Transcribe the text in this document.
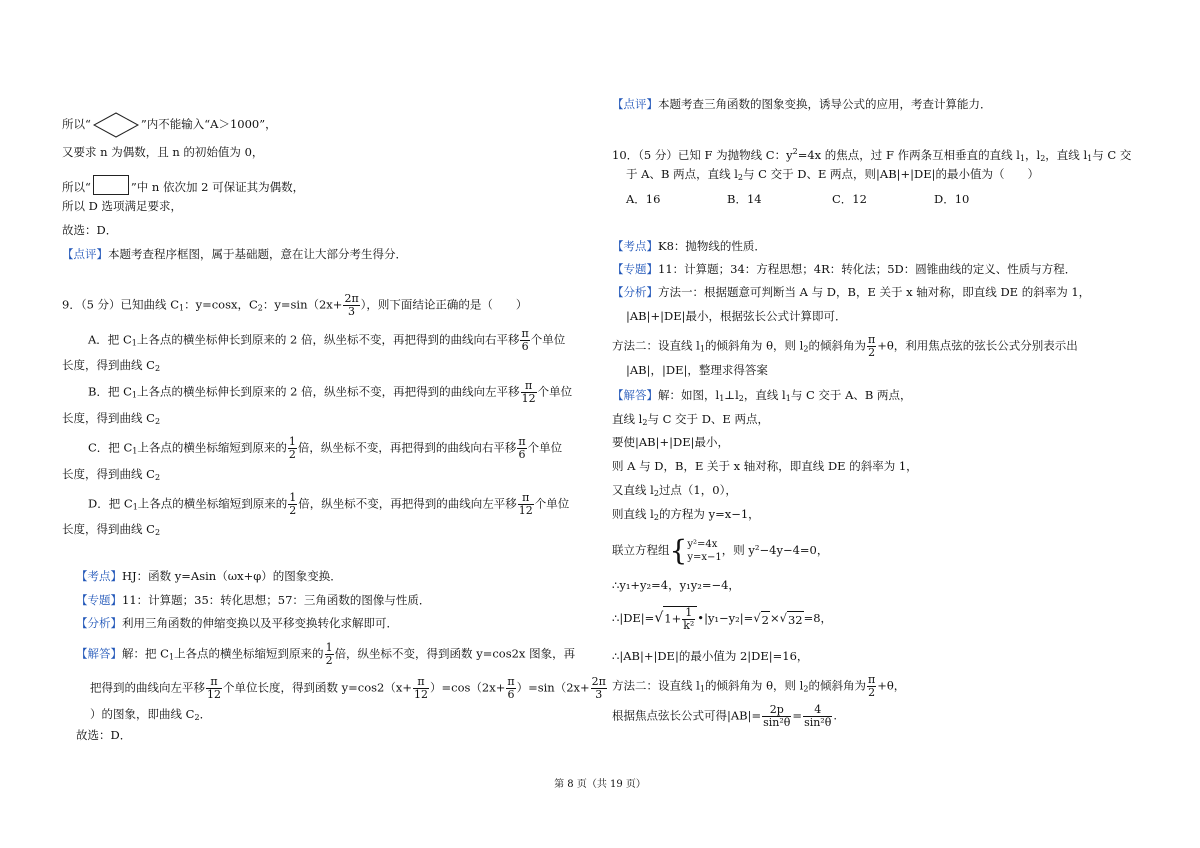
所以“	”内不能输入“A＞1000”，
又要求 n 为偶数，且 n 的初始值为 0，
所以“	”中 n 依次加 2 可保证其为偶数，
所以 D 选项满足要求，
故选：D．
【点评】本题考查程序框图，属于基础题，意在让大部分考生得分．
9．（5 分）已知曲线 $C_1$：y=cosx，$C_2$：$y=\sin(2x+ \frac{2\pi}{3}$ ），则下面结论正确的是（　　）
A．把 $C_1$上各点的横坐标伸长到原来的 2 倍，纵坐标不变，再把得到的曲线向右平移 $\frac{\pi}{6}$ 个单位
长度，得到曲线 $C_2$
B．把 $C_1$上各点的横坐标伸长到原来的 2 倍，纵坐标不变，再把得到的曲线向左平移 $\frac{\pi}{12}$ 个单位
长度，得到曲线 $C_2$
C．把 $C_1$上各点的横坐标缩短到原来的 $\frac{1}{2}$ 倍，纵坐标不变，再把得到的曲线向右平移 $\frac{\pi}{6}$ 个单位
长度，得到曲线 $C_2$
D．把 $C_1$上各点的横坐标缩短到原来的 $\frac{1}{2}$ 倍，纵坐标不变，再把得到的曲线向左平移 $\frac{\pi}{12}$ 个单位
长度，得到曲线 $C_2$
【考点】HJ：函数 y=Asin（ωx+φ）的图象变换．
【专题】11：计算题；35：转化思想；57：三角函数的图像与性质．
【分析】利用三角函数的伸缩变换以及平移变换转化求解即可．
【解答】解：把 $C_1$上各点的横坐标缩短到原来的 $\frac{1}{2}$ 倍，纵坐标不变，得到函数 y=cos2x 图象，再
把得到的曲线向左平移 $\frac{\pi}{12}$ 个单位长度，得到函数 $y=\cos 2(x+ \frac{\pi}{12} )=\cos(2x+ \frac{\pi}{6} )=\sin(2x+ \frac{2\pi}{3}$
）的图象，即曲线 $C_2$．
故选：D．
【点评】本题考查三角函数的图象变换，诱导公式的应用，考查计算能力．
10．（5 分）已知 F 为抛物线 C：$y^2=4x$ 的焦点，过 F 作两条互相垂直的直线 $l_1$，$l_2$，直线 $l_1$与 C 交
于 A、B 两点，直线 $l_2$与 C 交于 D、E 两点，则|AB|+|DE|的最小值为（　　）
A．16	B．14	C．12	D．10
【考点】K8：抛物线的性质．
【专题】11：计算题；34：方程思想；4R：转化法；5D：圆锥曲线的定义、性质与方程．
【分析】方法一：根据题意可判断当 A 与 D，B，E 关于 x 轴对称，即直线 DE 的斜率为 1，
|AB|+|DE|最小，根据弦长公式计算即可．
方法二：设直线 $l_1$的倾斜角为 θ，则 $l_2$的倾斜角为 $\frac{\pi}{2} +\theta$，利用焦点弦的弦长公式分别表示出
|AB|，|DE|，整理求得答案
【解答】解：如图，$l_1\perp l_2$，直线 $l_1$与 C 交于 A、B 两点，
直线 $l_2$与 C 交于 D、E 两点，
要使|AB|+|DE|最小，
则 A 与 D，B，E 关于 x 轴对称，即直线 DE 的斜率为 1，
又直线 $l_2$过点（1，0），
则直线 $l_2$的方程为 y=x−1，
联立方程组{ y²=4x
y=x−1
，则 y²−4y−4=0，
∴y₁+y₂=4，y₁y₂=−4，
∴|DE|=√1+ $\frac{1}{\text{k²}}$ •|y₁−y₂|=√2×√32=8，
∴|AB|+|DE|的最小值为 2|DE|=16，
方法二：设直线 $l_1$的倾斜角为 θ，则 $l_2$的倾斜角为 $\frac{\pi}{2} +\theta$，
根据焦点弦长公式可得$|AB|= \frac{2p}{\text{sin²θ}} = \frac{4}{\text{sin²θ}}$ .
第 8 页（共 19 页）
